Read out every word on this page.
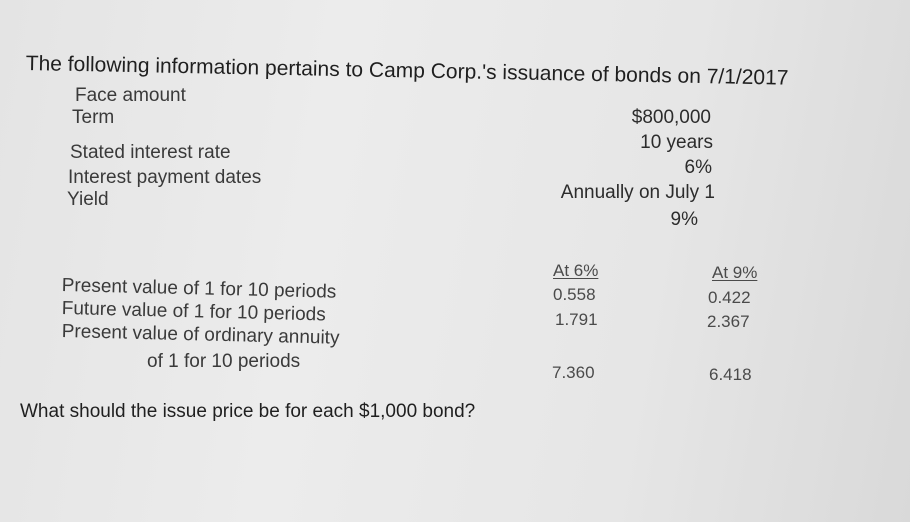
The following information pertains to Camp Corp.'s issuance of bonds on 7/1/2017
Face amount
Term
Stated interest rate
Interest payment dates
Yield
$800,000
10 years
6%
Annually on July 1
9%
At 6%	At 9%
Present value of 1 for 10 periods
Future value of 1 for 10 periods
Present value of ordinary annuity
of 1 for 10 periods
0.558
1.791
7.360
0.422
2.367
6.418
What should the issue price be for each $1,000 bond?
